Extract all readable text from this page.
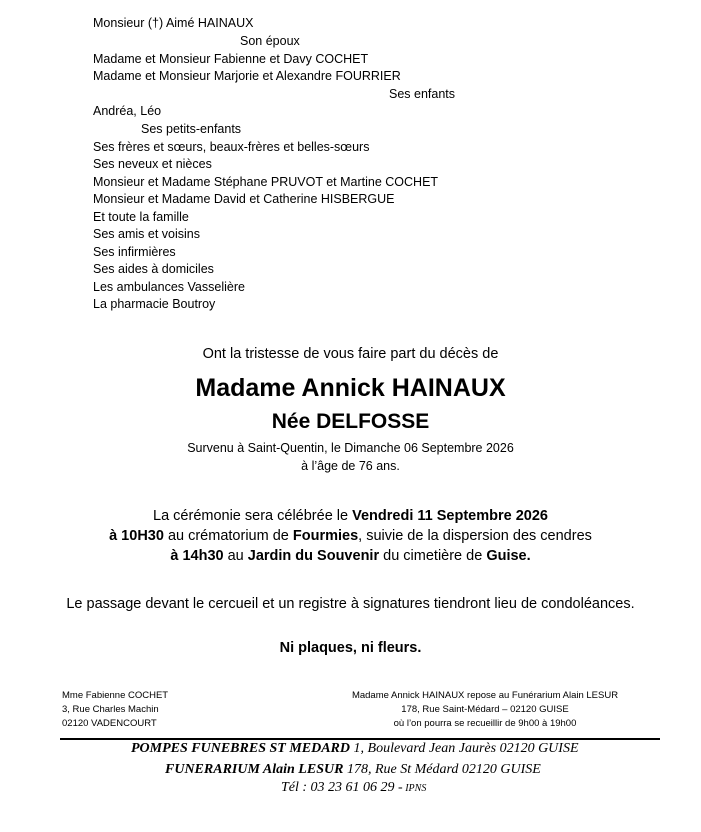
Monsieur (†) Aimé HAINAUX
Son époux
Madame et Monsieur Fabienne et Davy COCHET
Madame et Monsieur Marjorie et Alexandre FOURRIER
Ses enfants
Andréa, Léo
Ses petits-enfants
Ses frères et sœurs, beaux-frères et belles-sœurs
Ses neveux et nièces
Monsieur et Madame Stéphane PRUVOT et Martine COCHET
Monsieur et Madame David et Catherine HISBERGUE
Et toute la famille
Ses amis et voisins
Ses infirmières
Ses aides à domiciles
Les ambulances Vasselière
La pharmacie Boutroy
Ont la tristesse de vous faire part du décès de
Madame Annick HAINAUX
Née DELFOSSE
Survenu à Saint-Quentin, le Dimanche 06 Septembre 2026
à l’âge de 76 ans.
La cérémonie sera célébrée le Vendredi 11 Septembre 2026
à 10H30 au crématorium de Fourmies, suivie de la dispersion des cendres
à 14h30 au Jardin du Souvenir du cimetière de Guise.
Le passage devant le cercueil et un registre à signatures tiendront lieu de condoléances.
Ni plaques, ni fleurs.
Mme Fabienne COCHET
3, Rue Charles Machin
02120 VADENCOURT
Madame Annick HAINAUX repose au Funérarium Alain LESUR
178, Rue Saint-Médard – 02120 GUISE
où l’on pourra se recueillir de 9h00 à 19h00
POMPES FUNEBRES ST MEDARD 1, Boulevard Jean Jaurès 02120 GUISE
FUNERARIUM Alain LESUR 178, Rue St Médard 02120 GUISE
Tél : 03 23 61 06 29 - IPNS
